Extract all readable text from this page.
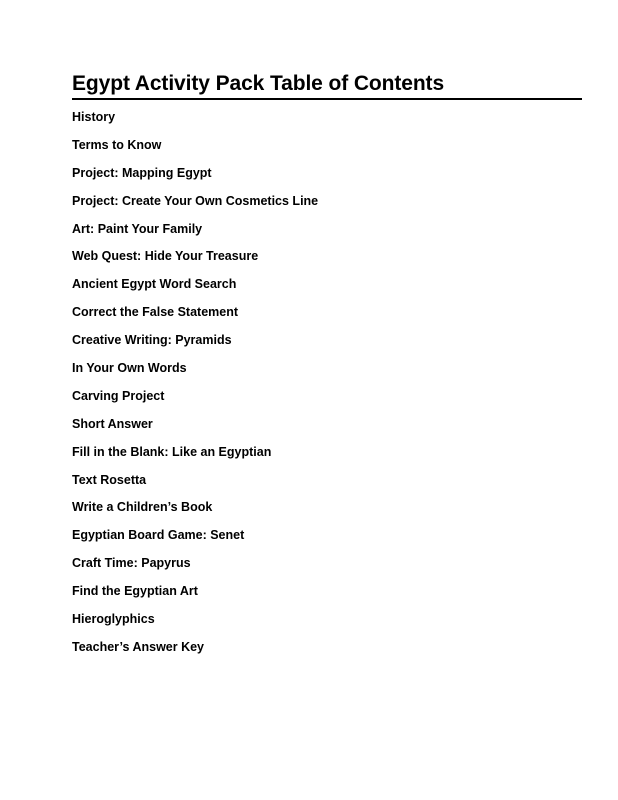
Egypt Activity Pack Table of Contents
History
Terms to Know
Project: Mapping Egypt
Project: Create Your Own Cosmetics Line
Art: Paint Your Family
Web Quest: Hide Your Treasure
Ancient Egypt Word Search
Correct the False Statement
Creative Writing: Pyramids
In Your Own Words
Carving Project
Short Answer
Fill in the Blank: Like an Egyptian
Text Rosetta
Write a Children’s Book
Egyptian Board Game: Senet
Craft Time: Papyrus
Find the Egyptian Art
Hieroglyphics
Teacher’s Answer Key
